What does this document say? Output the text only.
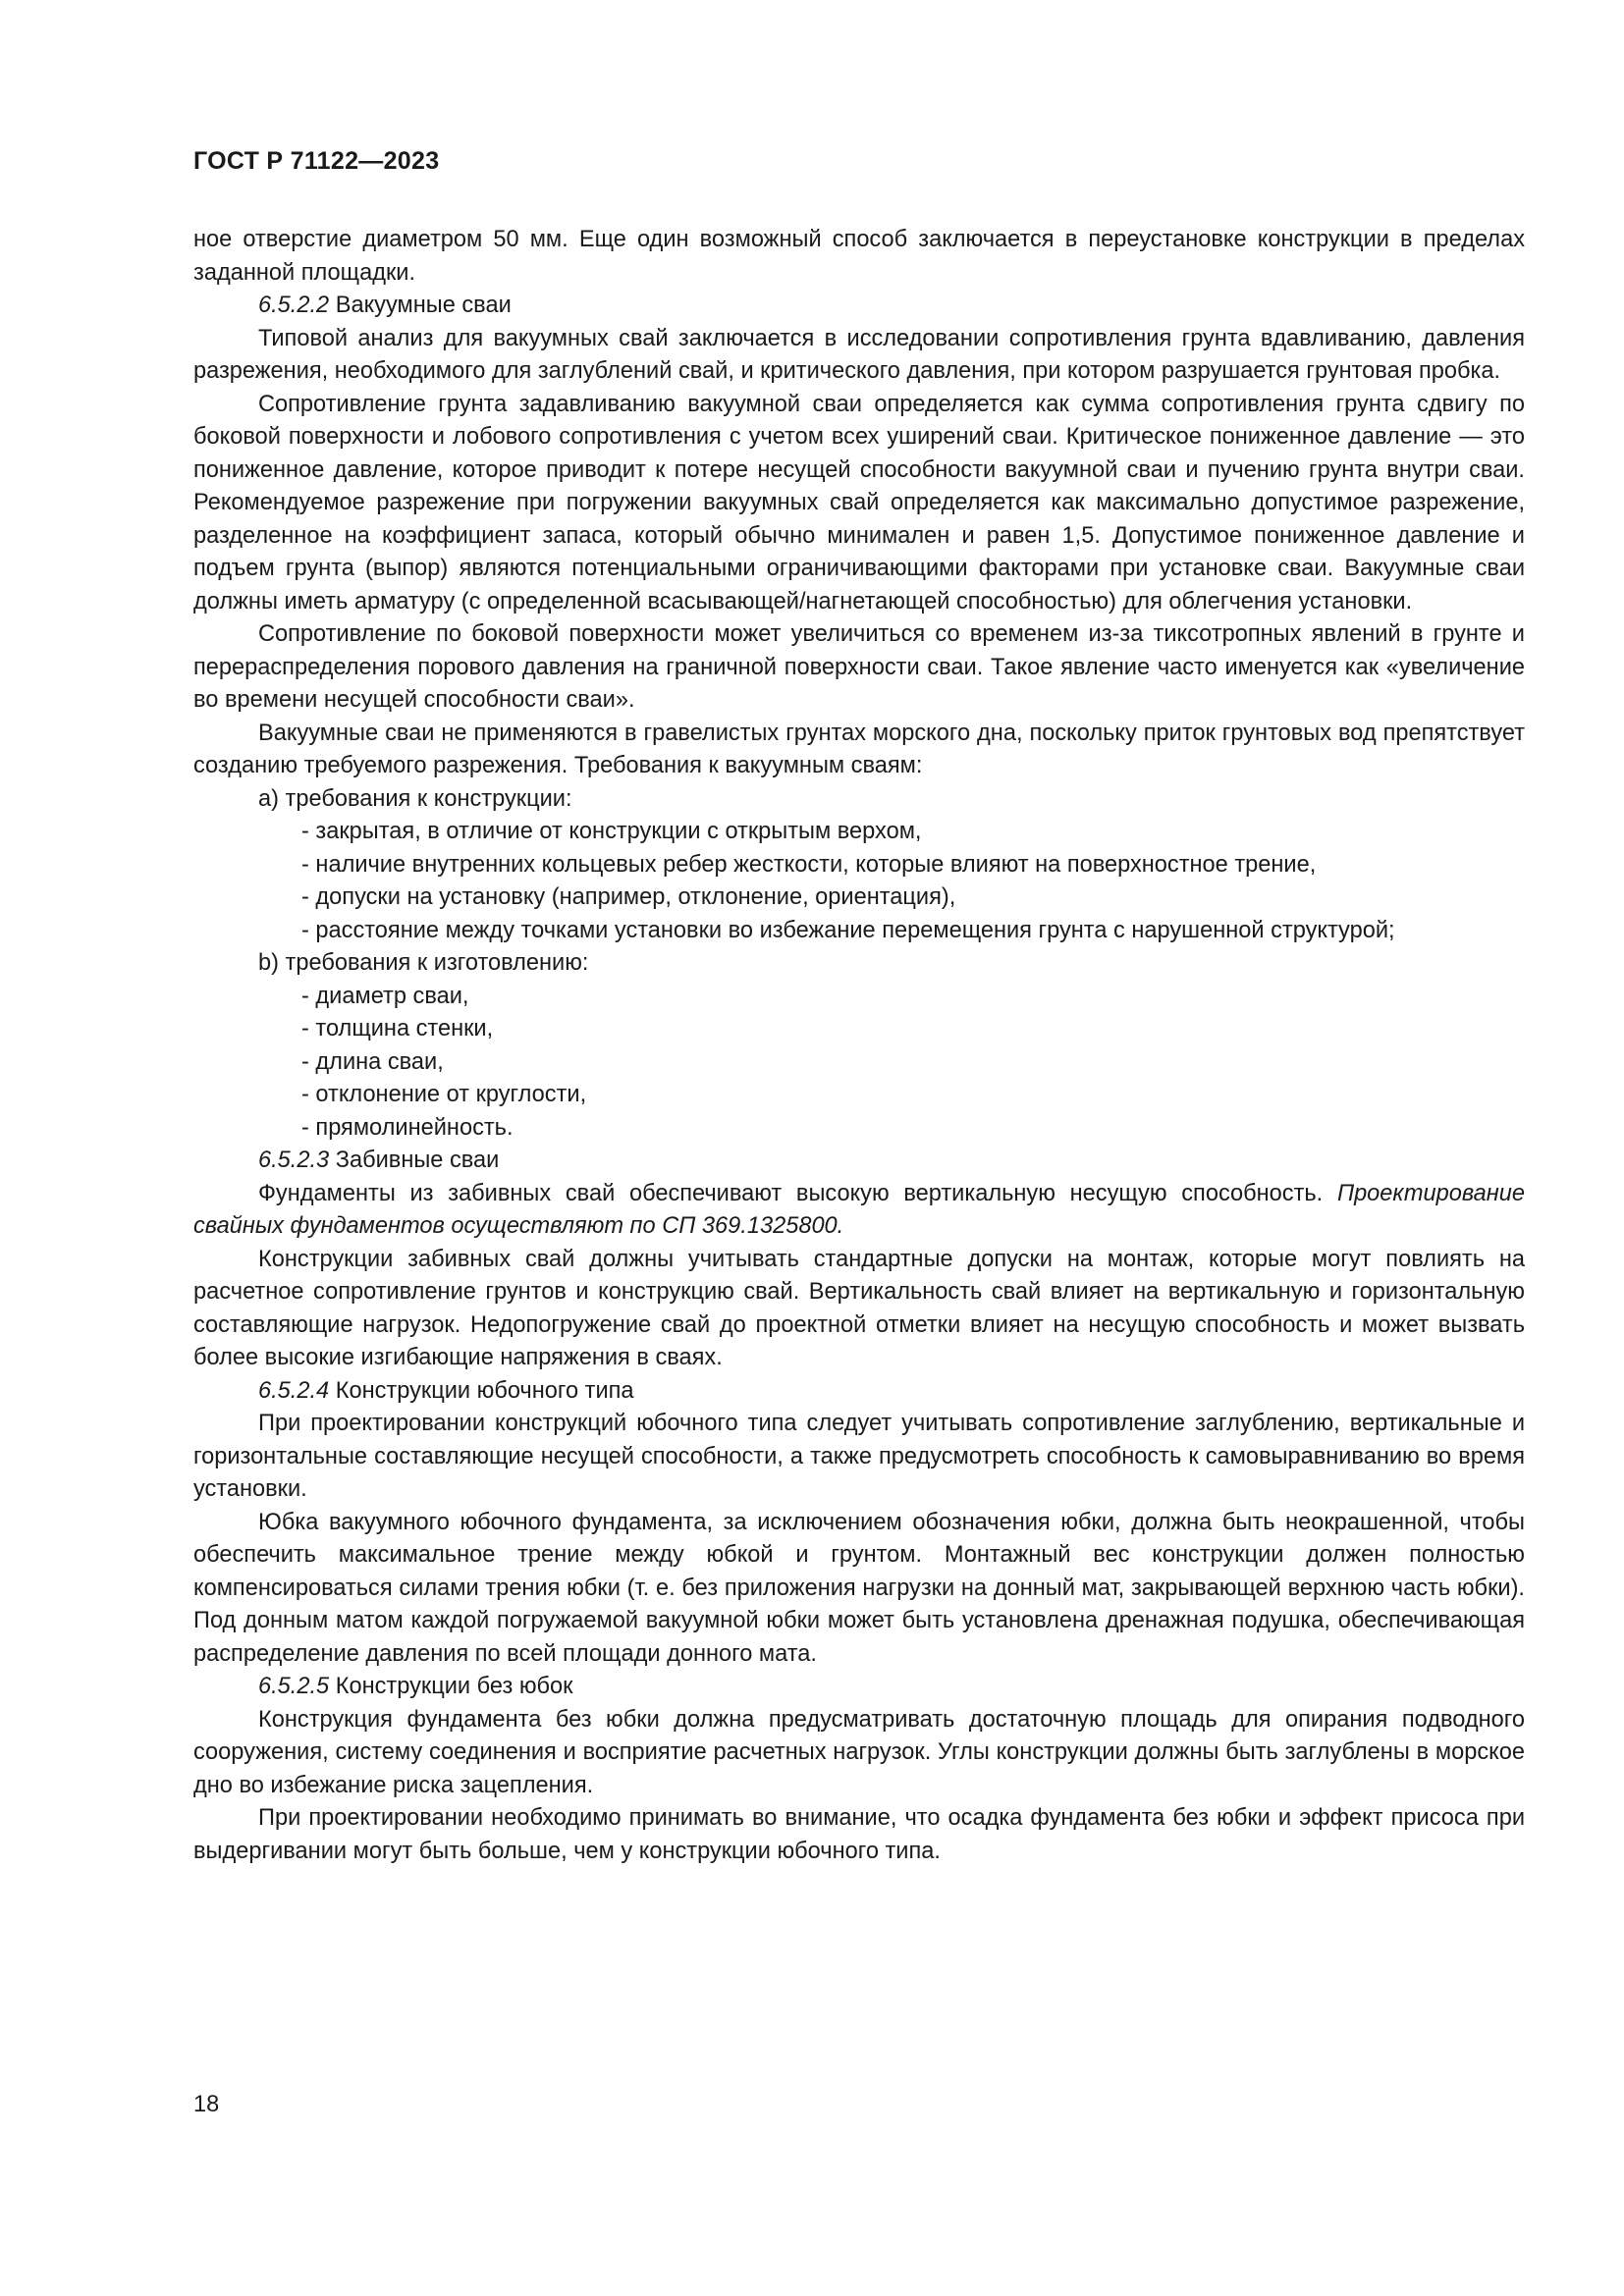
ГОСТ Р 71122—2023

ное отверстие диаметром 50 мм. Еще один возможный способ заключается в переустановке конструкции в пределах заданной площадки.

6.5.2.2 Вакуумные сваи

Типовой анализ для вакуумных свай заключается в исследовании сопротивления грунта вдавливанию, давления разрежения, необходимого для заглублений свай, и критического давления, при котором разрушается грунтовая пробка.

Сопротивление грунта задавливанию вакуумной сваи определяется как сумма сопротивления грунта сдвигу по боковой поверхности и лобового сопротивления с учетом всех уширений сваи. Критическое пониженное давление — это пониженное давление, которое приводит к потере несущей способности вакуумной сваи и пучению грунта внутри сваи. Рекомендуемое разрежение при погружении вакуумных свай определяется как максимально допустимое разрежение, разделенное на коэффициент запаса, который обычно минимален и равен 1,5. Допустимое пониженное давление и подъем грунта (выпор) являются потенциальными ограничивающими факторами при установке сваи. Вакуумные сваи должны иметь арматуру (с определенной всасывающей/нагнетающей способностью) для облегчения установки.

Сопротивление по боковой поверхности может увеличиться со временем из-за тиксотропных явлений в грунте и перераспределения порового давления на граничной поверхности сваи. Такое явление часто именуется как «увеличение во времени несущей способности сваи».

Вакуумные сваи не применяются в гравелистых грунтах морского дна, поскольку приток грунтовых вод препятствует созданию требуемого разрежения. Требования к вакуумным сваям:

a) требования к конструкции:

- закрытая, в отличие от конструкции с открытым верхом,

- наличие внутренних кольцевых ребер жесткости, которые влияют на поверхностное трение,

- допуски на установку (например, отклонение, ориентация),

- расстояние между точками установки во избежание перемещения грунта с нарушенной структурой;

b) требования к изготовлению:

- диаметр сваи,

- толщина стенки,

- длина сваи,

- отклонение от круглости,

- прямолинейность.

6.5.2.3 Забивные сваи

Фундаменты из забивных свай обеспечивают высокую вертикальную несущую способность. Проектирование свайных фундаментов осуществляют по СП 369.1325800.

Конструкции забивных свай должны учитывать стандартные допуски на монтаж, которые могут повлиять на расчетное сопротивление грунтов и конструкцию свай. Вертикальность свай влияет на вертикальную и горизонтальную составляющие нагрузок. Недопогружение свай до проектной отметки влияет на несущую способность и может вызвать более высокие изгибающие напряжения в сваях.

6.5.2.4 Конструкции юбочного типа

При проектировании конструкций юбочного типа следует учитывать сопротивление заглублению, вертикальные и горизонтальные составляющие несущей способности, а также предусмотреть способность к самовыравниванию во время установки.

Юбка вакуумного юбочного фундамента, за исключением обозначения юбки, должна быть неокрашенной, чтобы обеспечить максимальное трение между юбкой и грунтом. Монтажный вес конструкции должен полностью компенсироваться силами трения юбки (т. е. без приложения нагрузки на донный мат, закрывающей верхнюю часть юбки). Под донным матом каждой погружаемой вакуумной юбки может быть установлена дренажная подушка, обеспечивающая распределение давления по всей площади донного мата.

6.5.2.5 Конструкции без юбок

Конструкция фундамента без юбки должна предусматривать достаточную площадь для опирания подводного сооружения, систему соединения и восприятие расчетных нагрузок. Углы конструкции должны быть заглублены в морское дно во избежание риска зацепления.

При проектировании необходимо принимать во внимание, что осадка фундамента без юбки и эффект присоса при выдергивании могут быть больше, чем у конструкции юбочного типа.

18
